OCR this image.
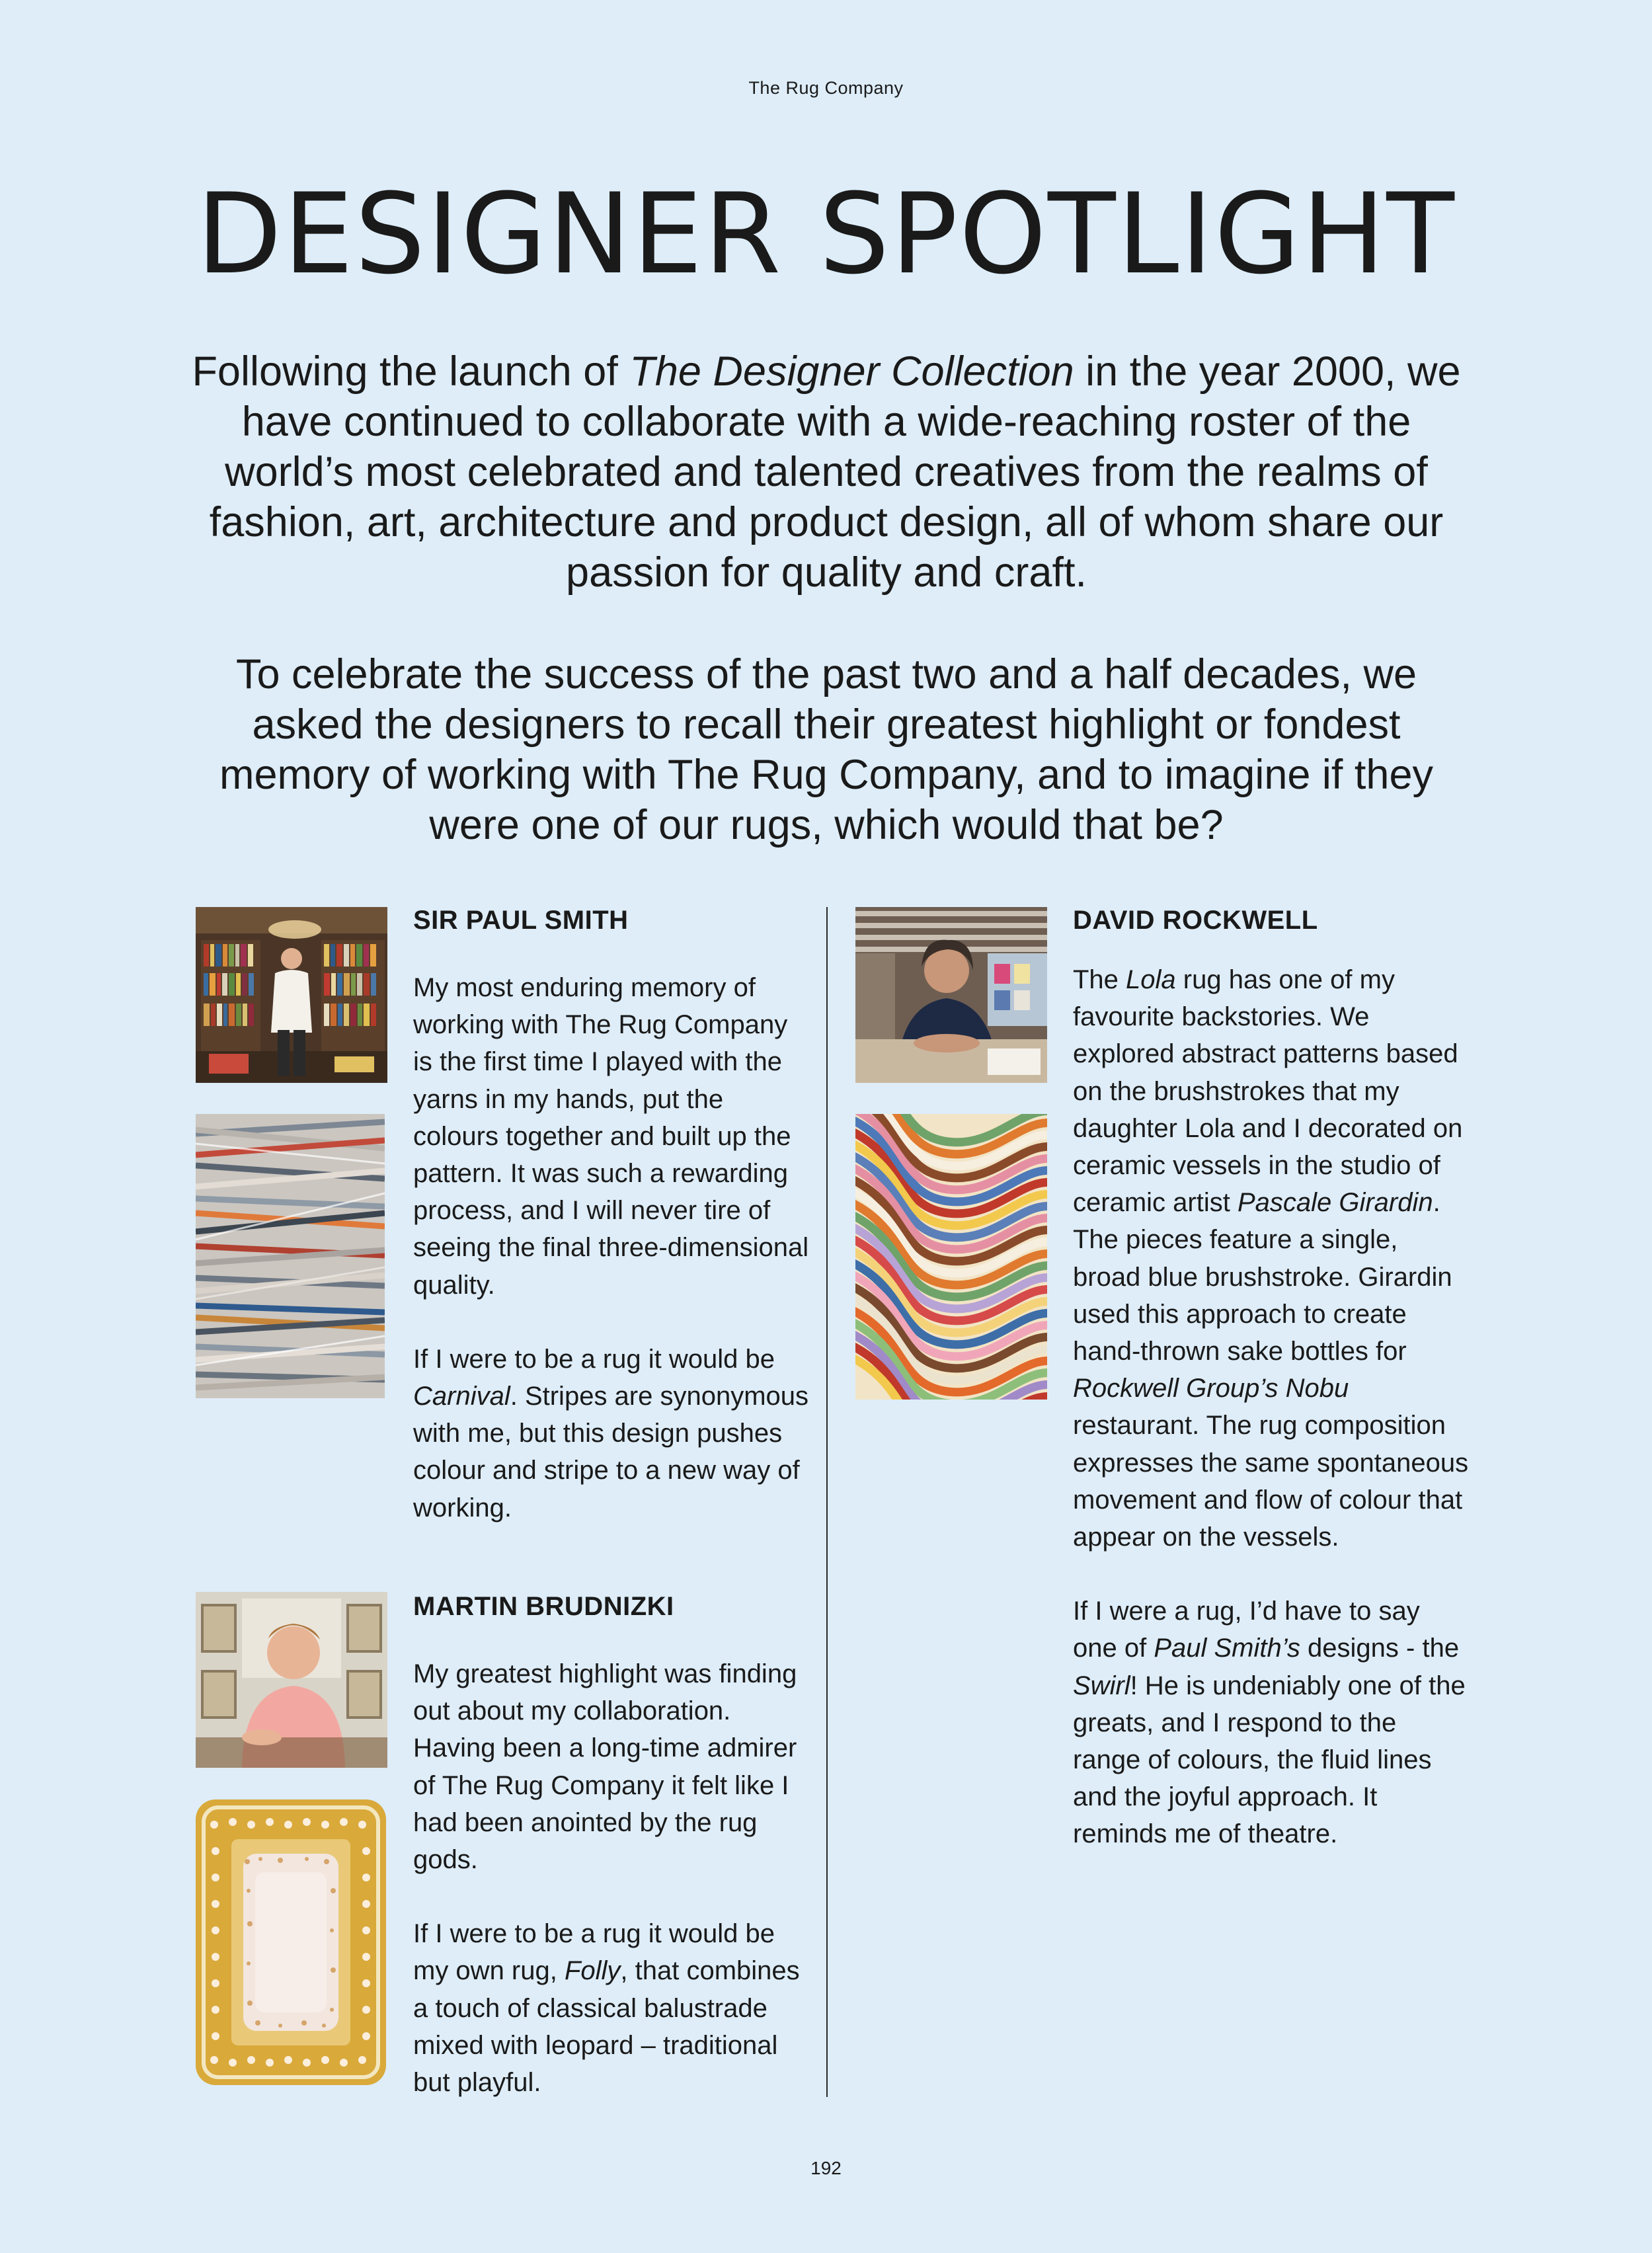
The Rug Company
DESIGNER SPOTLIGHT

Following the launch of The Designer Collection in the year 2000, we have continued to collaborate with a wide-reaching roster of the world’s most celebrated and talented creatives from the realms of fashion, art, architecture and product design, all of whom share our passion for quality and craft.

To celebrate the success of the past two and a half decades, we asked the designers to recall their greatest highlight or fondest memory of working with The Rug Company, and to imagine if they were one of our rugs, which would that be?

SIR PAUL SMITH

My most enduring memory of working with The Rug Company is the first time I played with the yarns in my hands, put the colours together and built up the pattern. It was such a rewarding process, and I will never tire of seeing the final three-dimensional quality.

If I were to be a rug it would be Carnival. Stripes are synonymous with me, but this design pushes colour and stripe to a new way of working.

MARTIN BRUDNIZKI

My greatest highlight was finding out about my collaboration. Having been a long-time admirer of The Rug Company it felt like I had been anointed by the rug gods.

If I were to be a rug it would be my own rug, Folly, that combines a touch of classical balustrade mixed with leopard – traditional but playful.

DAVID ROCKWELL

The Lola rug has one of my favourite backstories. We explored abstract patterns based on the brushstrokes that my daughter Lola and I decorated on ceramic vessels in the studio of ceramic artist Pascale Girardin. The pieces feature a single, broad blue brushstroke. Girardin used this approach to create hand-thrown sake bottles for Rockwell Group’s Nobu restaurant. The rug composition expresses the same spontaneous movement and flow of colour that appear on the vessels.

If I were a rug, I’d have to say one of Paul Smith’s designs - the Swirl! He is undeniably one of the greats, and I respond to the range of colours, the fluid lines and the joyful approach. It reminds me of theatre.

192
